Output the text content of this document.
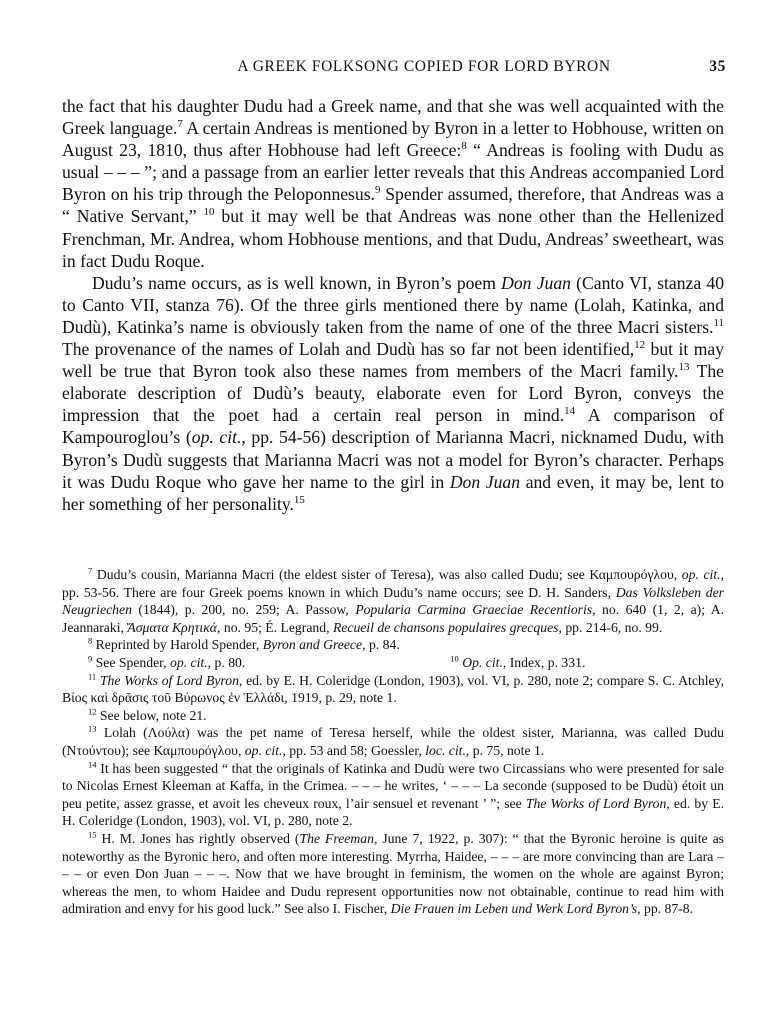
A GREEK FOLKSONG COPIED FOR LORD BYRON	35

the fact that his daughter Dudu had a Greek name, and that she was well acquainted with the Greek language.$^7$ A certain Andreas is mentioned by Byron in a letter to Hobhouse, written on August 23, 1810, thus after Hobhouse had left Greece:$^8$ “ Andreas is fooling with Dudu as usual – – – ”; and a passage from an earlier letter reveals that this Andreas accompanied Lord Byron on his trip through the Peloponnesus.$^9$ Spender assumed, therefore, that Andreas was a “ Native Servant,” $^{10}$ but it may well be that Andreas was none other than the Hellenized Frenchman, Mr. Andrea, whom Hobhouse mentions, and that Dudu, Andreas’ sweetheart, was in fact Dudu Roque.

Dudu’s name occurs, as is well known, in Byron’s poem Don Juan (Canto VI, stanza 40 to Canto VII, stanza 76). Of the three girls mentioned there by name (Lolah, Katinka, and Dudù), Katinka’s name is obviously taken from the name of one of the three Macri sisters.$^{11}$ The provenance of the names of Lolah and Dudù has so far not been identified,$^{12}$ but it may well be true that Byron took also these names from members of the Macri family.$^{13}$ The elaborate description of Dudù’s beauty, elaborate even for Lord Byron, conveys the impression that the poet had a certain real person in mind.$^{14}$ A comparison of Kampouroglou’s (op. cit., pp. 54-56) description of Marianna Macri, nicknamed Dudu, with Byron’s Dudù suggests that Marianna Macri was not a model for Byron’s character. Perhaps it was Dudu Roque who gave her name to the girl in Don Juan and even, it may be, lent to her something of her personality.$^{15}$

$^7$ Dudu’s cousin, Marianna Macri (the eldest sister of Teresa), was also called Dudu; see Καμπουρόγλου, op. cit., pp. 53-56. There are four Greek poems known in which Dudu’s name occurs; see D. H. Sanders, Das Volksleben der Neugriechen (1844), p. 200, no. 259; A. Passow, Popularia Carmina Graeciae Recentioris, no. 640 (1, 2, a); A. Jeannaraki, Ἄσματα Κρητικά, no. 95; É. Legrand, Recueil de chansons populaires grecques, pp. 214-6, no. 99.

$^8$ Reprinted by Harold Spender, Byron and Greece, p. 84.

$^9$ See Spender, op. cit., p. 80.	$^{10}$ Op. cit., Index, p. 331.

$^{11}$ The Works of Lord Byron, ed. by E. H. Coleridge (London, 1903), vol. VI, p. 280, note 2; compare S. C. Atchley, Βίος καὶ δρᾶσις τοῦ Βύρωνος ἐν Ἑλλάδι, 1919, p. 29, note 1.

$^{12}$ See below, note 21.

$^{13}$ Lolah (Λούλα) was the pet name of Teresa herself, while the oldest sister, Marianna, was called Dudu (Ντούντου); see Καμπουρόγλου, op. cit., pp. 53 and 58; Goessler, loc. cit., p. 75, note 1.

$^{14}$ It has been suggested “ that the originals of Katinka and Dudù were two Circassians who were presented for sale to Nicolas Ernest Kleeman at Kaffa, in the Crimea. – – – he writes, ‘ – – – La seconde (supposed to be Dudù) étoit un peu petite, assez grasse, et avoit les cheveux roux, l’air sensuel et revenant ’ ”; see The Works of Lord Byron, ed. by E. H. Coleridge (London, 1903), vol. VI, p. 280, note 2.

$^{15}$ H. M. Jones has rightly observed (The Freeman, June 7, 1922, p. 307): “ that the Byronic heroine is quite as noteworthy as the Byronic hero, and often more interesting. Myrrha, Haidee, – – – are more convincing than are Lara – – – or even Don Juan – – –. Now that we have brought in feminism, the women on the whole are against Byron; whereas the men, to whom Haidee and Dudu represent opportunities now not obtainable, continue to read him with admiration and envy for his good luck.” See also I. Fischer, Die Frauen im Leben und Werk Lord Byron’s, pp. 87-8.
